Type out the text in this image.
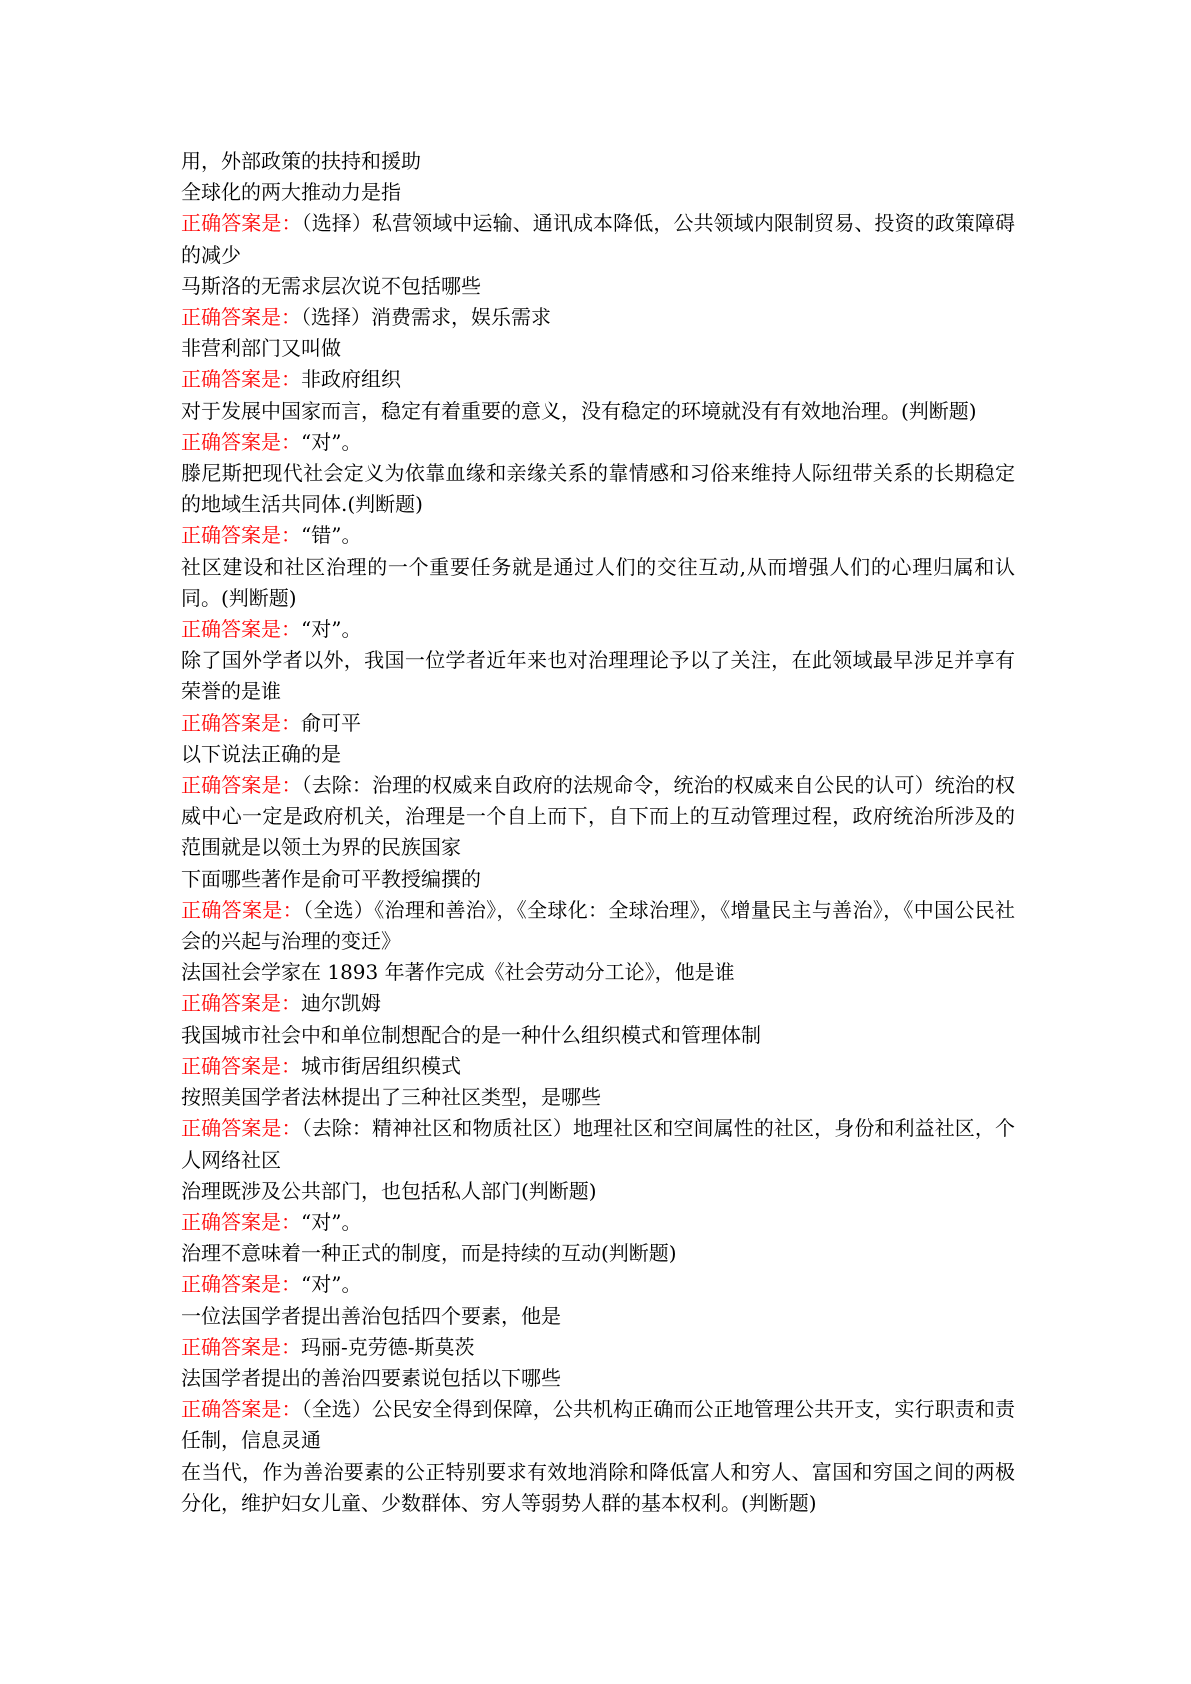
用，外部政策的扶持和援助

全球化的两大推动力是指

正确答案是：（选择）私营领域中运输、通讯成本降低，公共领域内限制贸易、投资的政策障碍的减少

马斯洛的无需求层次说不包括哪些

正确答案是：（选择）消费需求，娱乐需求

非营利部门又叫做

正确答案是：非政府组织

对于发展中国家而言，稳定有着重要的意义，没有稳定的环境就没有有效地治理。(判断题)

正确答案是：“对”。

滕尼斯把现代社会定义为依靠血缘和亲缘关系的靠情感和习俗来维持人际纽带关系的长期稳定的地域生活共同体.(判断题)

正确答案是：“错”。

社区建设和社区治理的一个重要任务就是通过人们的交往互动,从而增强人们的心理归属和认同。(判断题)

正确答案是：“对”。

除了国外学者以外，我国一位学者近年来也对治理理论予以了关注，在此领域最早涉足并享有荣誉的是谁

正确答案是：俞可平

以下说法正确的是

正确答案是：（去除：治理的权威来自政府的法规命令，统治的权威来自公民的认可）统治的权威中心一定是政府机关，治理是一个自上而下，自下而上的互动管理过程，政府统治所涉及的范围就是以领土为界的民族国家

下面哪些著作是俞可平教授编撰的

正确答案是：（全选）《治理和善治》，《全球化：全球治理》，《增量民主与善治》，《中国公民社会的兴起与治理的变迁》

法国社会学家在 1893 年著作完成《社会劳动分工论》，他是谁

正确答案是：迪尔凯姆

我国城市社会中和单位制想配合的是一种什么组织模式和管理体制

正确答案是：城市街居组织模式

按照美国学者法林提出了三种社区类型，是哪些

正确答案是：（去除：精神社区和物质社区）地理社区和空间属性的社区，身份和利益社区，个人网络社区

治理既涉及公共部门，也包括私人部门(判断题)

正确答案是：“对”。

治理不意味着一种正式的制度，而是持续的互动(判断题)

正确答案是：“对”。

一位法国学者提出善治包括四个要素，他是

正确答案是：玛丽-克劳德-斯莫茨

法国学者提出的善治四要素说包括以下哪些

正确答案是：（全选）公民安全得到保障，公共机构正确而公正地管理公共开支，实行职责和责任制，信息灵通

在当代，作为善治要素的公正特别要求有效地消除和降低富人和穷人、富国和穷国之间的两极分化，维护妇女儿童、少数群体、穷人等弱势人群的基本权利。(判断题)
